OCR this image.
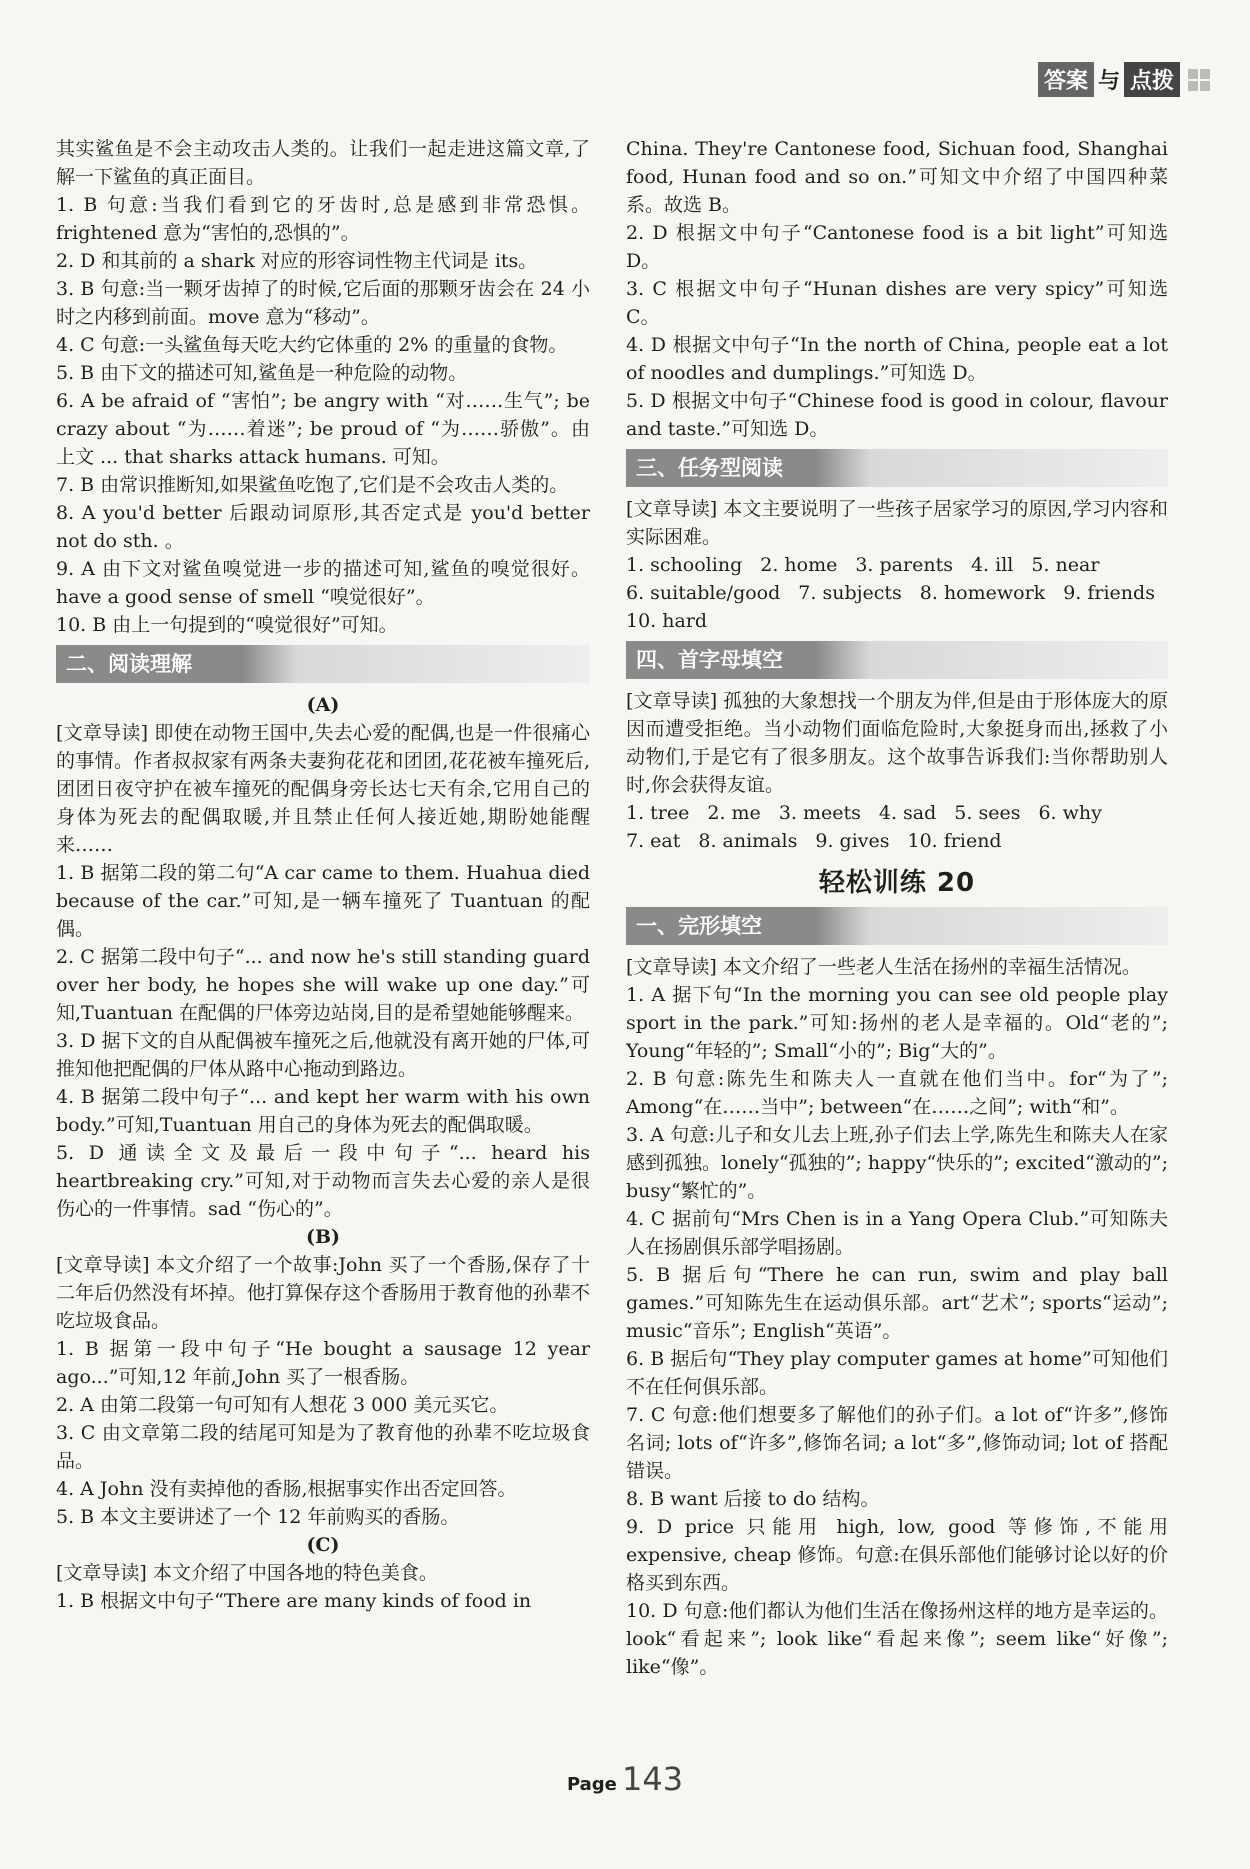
答案 与 点拨

其实鲨鱼是不会主动攻击人类的。让我们一起走进这篇文章,了解一下鲨鱼的真正面目。

1. B 句意:当我们看到它的牙齿时,总是感到非常恐惧。frightened 意为“害怕的,恐惧的”。

2. D 和其前的 a shark 对应的形容词性物主代词是 its。

3. B 句意:当一颗牙齿掉了的时候,它后面的那颗牙齿会在 24 小时之内移到前面。move 意为“移动”。

4. C 句意:一头鲨鱼每天吃大约它体重的 2% 的重量的食物。

5. B 由下文的描述可知,鲨鱼是一种危险的动物。

6. A be afraid of “害怕”; be angry with “对……生气”; be crazy about “为……着迷”; be proud of “为……骄傲”。由上文 ... that sharks attack humans. 可知。

7. B 由常识推断知,如果鲨鱼吃饱了,它们是不会攻击人类的。

8. A you'd better 后跟动词原形,其否定式是 you'd better not do sth. 。

9. A 由下文对鲨鱼嗅觉进一步的描述可知,鲨鱼的嗅觉很好。have a good sense of smell “嗅觉很好”。

10. B 由上一句提到的“嗅觉很好”可知。

二、阅读理解

(A)

[文章导读] 即使在动物王国中,失去心爱的配偶,也是一件很痛心的事情。作者叔叔家有两条夫妻狗花花和团团,花花被车撞死后,团团日夜守护在被车撞死的配偶身旁长达七天有余,它用自己的身体为死去的配偶取暖,并且禁止任何人接近她,期盼她能醒来……

1. B 据第二段的第二句“A car came to them. Huahua died because of the car.”可知,是一辆车撞死了 Tuantuan 的配偶。

2. C 据第二段中句子“... and now he's still standing guard over her body, he hopes she will wake up one day.”可知,Tuantuan 在配偶的尸体旁边站岗,目的是希望她能够醒来。

3. D 据下文的自从配偶被车撞死之后,他就没有离开她的尸体,可推知他把配偶的尸体从路中心拖动到路边。

4. B 据第二段中句子“... and kept her warm with his own body.”可知,Tuantuan 用自己的身体为死去的配偶取暖。

5. D 通读全文及最后一段中句子“... heard his heartbreaking cry.”可知,对于动物而言失去心爱的亲人是很伤心的一件事情。sad “伤心的”。

(B)

[文章导读] 本文介绍了一个故事:John 买了一个香肠,保存了十二年后仍然没有坏掉。他打算保存这个香肠用于教育他的孙辈不吃垃圾食品。

1. B 据第一段中句子“He bought a sausage 12 year ago...”可知,12 年前,John 买了一根香肠。

2. A 由第二段第一句可知有人想花 3 000 美元买它。

3. C 由文章第二段的结尾可知是为了教育他的孙辈不吃垃圾食品。

4. A John 没有卖掉他的香肠,根据事实作出否定回答。

5. B 本文主要讲述了一个 12 年前购买的香肠。

(C)

[文章导读] 本文介绍了中国各地的特色美食。

1. B 根据文中句子“There are many kinds of food in

China. They're Cantonese food, Sichuan food, Shanghai food, Hunan food and so on.”可知文中介绍了中国四种菜系。故选 B。

2. D 根据文中句子“Cantonese food is a bit light”可知选 D。

3. C 根据文中句子“Hunan dishes are very spicy”可知选 C。

4. D 根据文中句子“In the north of China, people eat a lot of noodles and dumplings.”可知选 D。

5. D 根据文中句子“Chinese food is good in colour, flavour and taste.”可知选 D。

三、任务型阅读

[文章导读] 本文主要说明了一些孩子居家学习的原因,学习内容和实际困难。

1. schooling 2. home 3. parents 4. ill 5. near
6. suitable/good 7. subjects 8. homework 9. friends
10. hard
四、首字母填空

[文章导读] 孤独的大象想找一个朋友为伴,但是由于形体庞大的原因而遭受拒绝。当小动物们面临危险时,大象挺身而出,拯救了小动物们,于是它有了很多朋友。这个故事告诉我们:当你帮助别人时,你会获得友谊。

1. tree 2. me 3. meets 4. sad 5. sees 6. why
7. eat 8. animals 9. gives 10. friend

轻松训练 20

一、完形填空

[文章导读] 本文介绍了一些老人生活在扬州的幸福生活情况。

1. A 据下句“In the morning you can see old people play sport in the park.”可知:扬州的老人是幸福的。Old“老的”; Young“年轻的”; Small“小的”; Big“大的”。

2. B 句意:陈先生和陈夫人一直就在他们当中。for“为了”; Among“在……当中”; between“在……之间”; with“和”。

3. A 句意:儿子和女儿去上班,孙子们去上学,陈先生和陈夫人在家感到孤独。lonely“孤独的”; happy“快乐的”; excited“激动的”; busy“繁忙的”。

4. C 据前句“Mrs Chen is in a Yang Opera Club.”可知陈夫人在扬剧俱乐部学唱扬剧。

5. B 据后句“There he can run, swim and play ball games.”可知陈先生在运动俱乐部。art“艺术”; sports“运动”; music“音乐”; English“英语”。

6. B 据后句“They play computer games at home”可知他们不在任何俱乐部。

7. C 句意:他们想要多了解他们的孙子们。a lot of“许多”,修饰名词; lots of“许多”,修饰名词; a lot“多”,修饰动词; lot of 搭配错误。

8. B want 后接 to do 结构。

9. D price 只能用 high, low, good 等修饰,不能用 expensive, cheap 修饰。句意:在俱乐部他们能够讨论以好的价格买到东西。

10. D 句意:他们都认为他们生活在像扬州这样的地方是幸运的。look“看起来”; look like“看起来像”; seem like“好像”; like“像”。

Page 143
